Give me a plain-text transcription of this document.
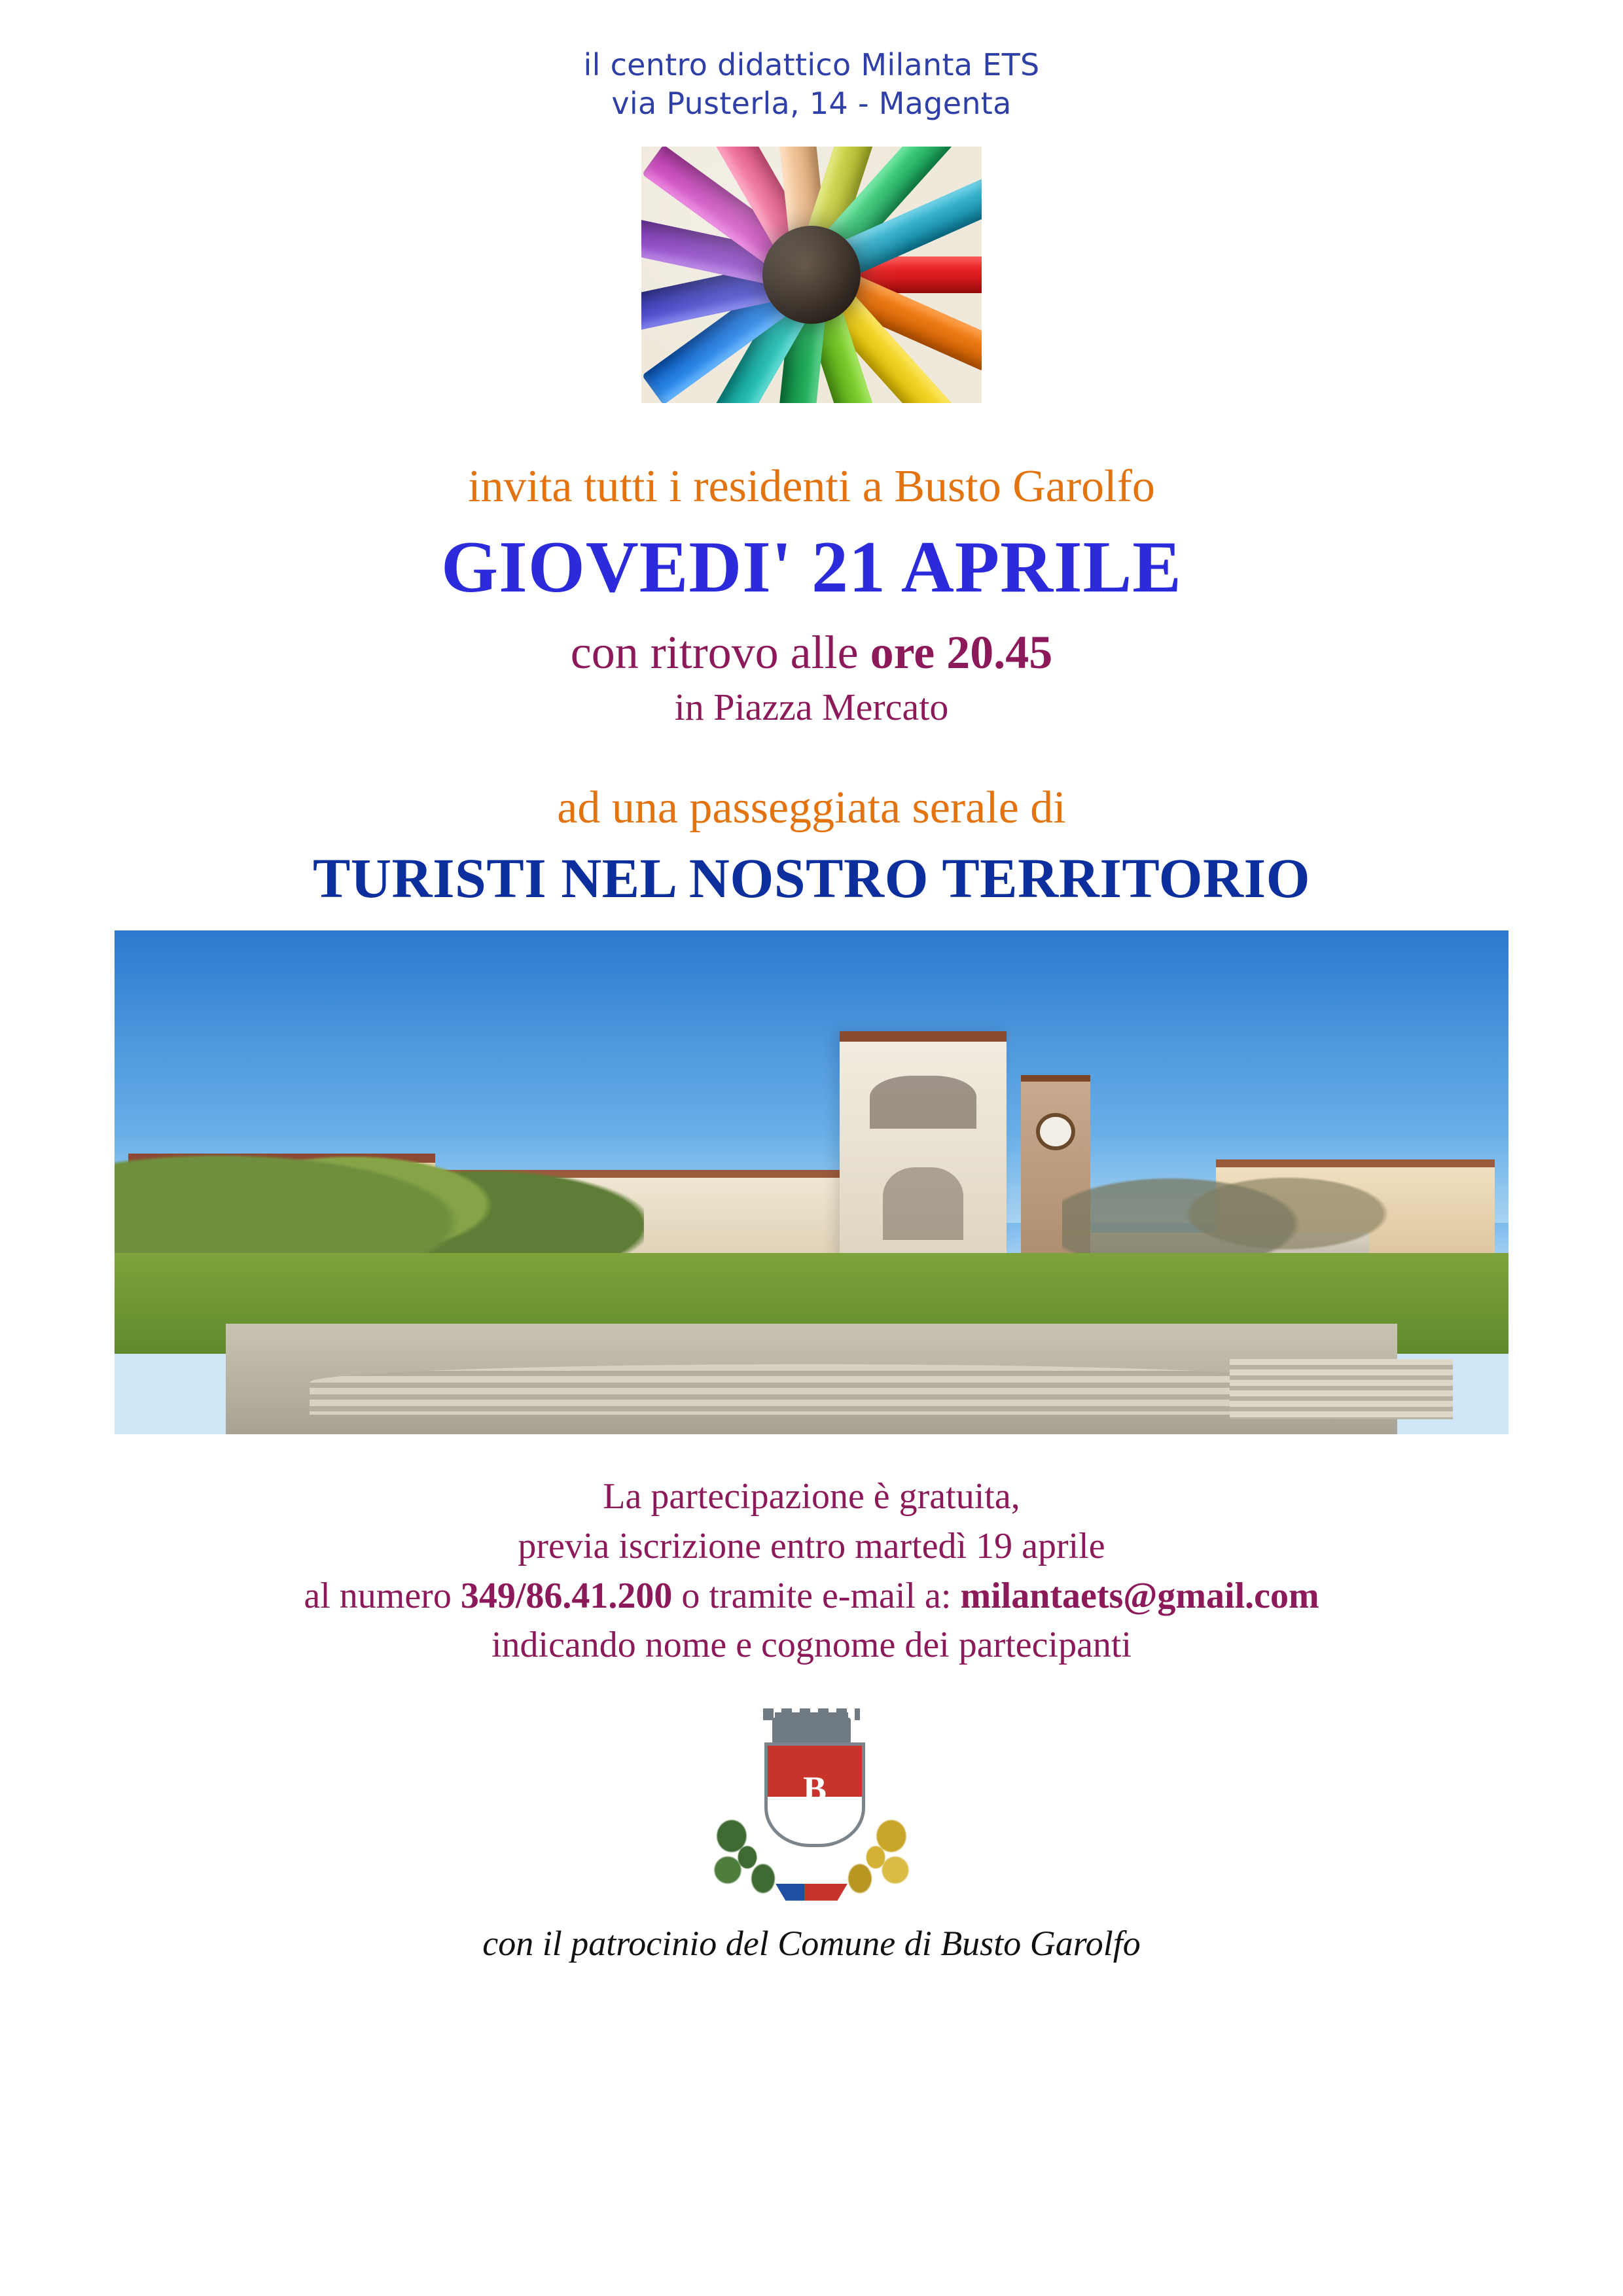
il centro didattico Milanta ETS
via Pusterla, 14 - Magenta
invita tutti i residenti a Busto Garolfo
GIOVEDI' 21 APRILE
con ritrovo alle ore 20.45
in Piazza Mercato
ad una passeggiata serale di
TURISTI NEL NOSTRO TERRITORIO
La partecipazione è gratuita,
previa iscrizione entro martedì 19 aprile
al numero 349/86.41.200 o tramite e-mail a: milantaets@gmail.com
indicando nome e cognome dei partecipanti
B
con il patrocinio del Comune di Busto Garolfo
